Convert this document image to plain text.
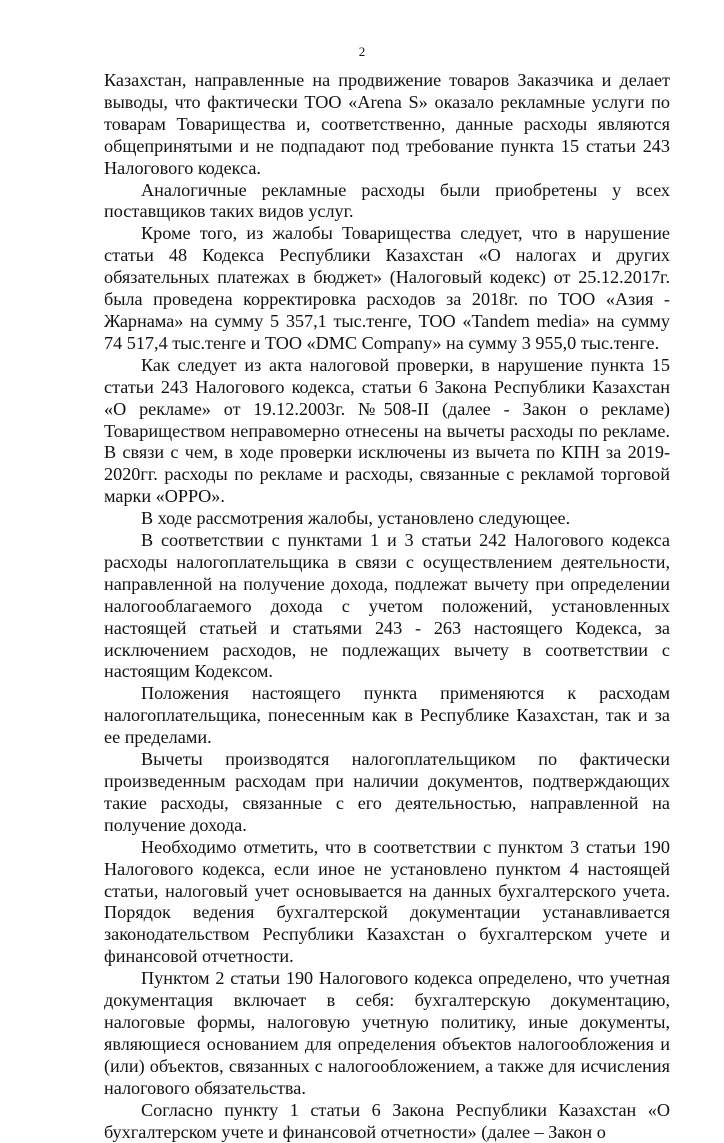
2

Казахстан, направленные на продвижение товаров Заказчика и делает выводы, что фактически ТОО «Arena S» оказало рекламные услуги по товарам Товарищества и, соответственно, данные расходы являются общепринятыми и не подпадают под требование пункта 15 статьи 243 Налогового кодекса.

Аналогичные рекламные расходы были приобретены у всех поставщиков таких видов услуг.

Кроме того, из жалобы Товарищества следует, что в нарушение статьи 48 Кодекса Республики Казахстан «О налогах и других обязательных платежах в бюджет» (Налоговый кодекс) от 25.12.2017г. была проведена корректировка расходов за 2018г. по ТОО «Азия - Жарнама» на сумму 5 357,1 тыс.тенге, ТОО «Tandem media» на сумму 74 517,4 тыс.тенге и ТОО «DMC Company» на сумму 3 955,0 тыс.тенге.

Как следует из акта налоговой проверки, в нарушение пункта 15 статьи 243 Налогового кодекса, статьи 6 Закона Республики Казахстан «О рекламе» от 19.12.2003г. №508-II (далее - Закон о рекламе) Товариществом неправомерно отнесены на вычеты расходы по рекламе. В связи с чем, в ходе проверки исключены из вычета по КПН за 2019-2020гг. расходы по рекламе и расходы, связанные с рекламой торговой марки «OPPO».

В ходе рассмотрения жалобы, установлено следующее.

В соответствии с пунктами 1 и 3 статьи 242 Налогового кодекса расходы налогоплательщика в связи с осуществлением деятельности, направленной на получение дохода, подлежат вычету при определении налогооблагаемого дохода с учетом положений, установленных настоящей статьей и статьями 243 - 263 настоящего Кодекса, за исключением расходов, не подлежащих вычету в соответствии с настоящим Кодексом.

Положения настоящего пункта применяются к расходам налогоплательщика, понесенным как в Республике Казахстан, так и за ее пределами.

Вычеты производятся налогоплательщиком по фактически произведенным расходам при наличии документов, подтверждающих такие расходы, связанные с его деятельностью, направленной на получение дохода.

Необходимо отметить, что в соответствии с пунктом 3 статьи 190 Налогового кодекса, если иное не установлено пунктом 4 настоящей статьи, налоговый учет основывается на данных бухгалтерского учета. Порядок ведения бухгалтерской документации устанавливается законодательством Республики Казахстан о бухгалтерском учете и финансовой отчетности.

Пунктом 2 статьи 190 Налогового кодекса определено, что учетная документация включает в себя: бухгалтерскую документацию, налоговые формы, налоговую учетную политику, иные документы, являющиеся основанием для определения объектов налогообложения и (или) объектов, связанных с налогообложением, а также для исчисления налогового обязательства.

Согласно пункту 1 статьи 6 Закона Республики Казахстан «О бухгалтерском учете и финансовой отчетности» (далее – Закон о
